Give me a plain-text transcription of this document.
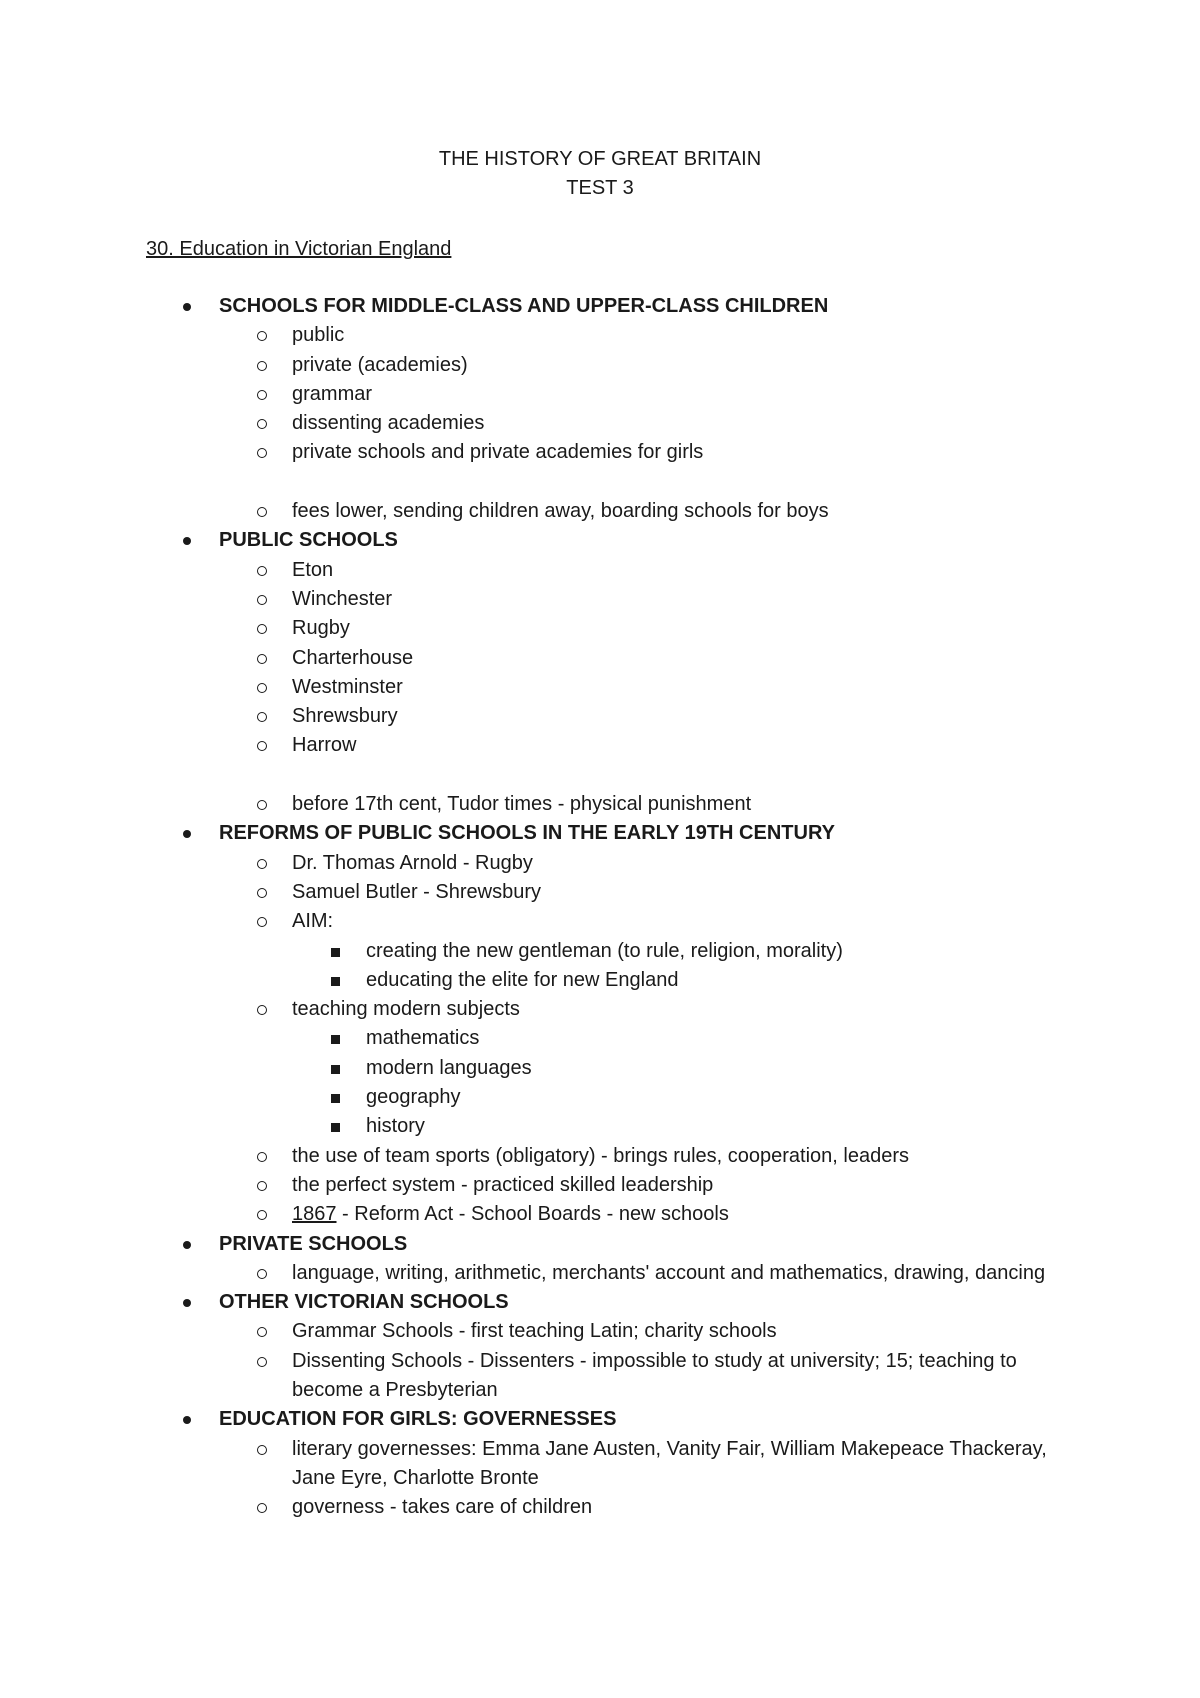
THE HISTORY OF GREAT BRITAIN
TEST 3
30. Education in Victorian England
SCHOOLS FOR MIDDLE-CLASS AND UPPER-CLASS CHILDREN
public
private (academies)
grammar
dissenting academies
private schools and private academies for girls
fees lower, sending children away, boarding schools for boys
PUBLIC SCHOOLS
Eton
Winchester
Rugby
Charterhouse
Westminster
Shrewsbury
Harrow
before 17th cent, Tudor times - physical punishment
REFORMS OF PUBLIC SCHOOLS IN THE EARLY 19TH CENTURY
Dr. Thomas Arnold - Rugby
Samuel Butler - Shrewsbury
AIM:
creating the new gentleman (to rule, religion, morality)
educating the elite for new England
teaching modern subjects
mathematics
modern languages
geography
history
the use of team sports (obligatory) - brings rules, cooperation, leaders
the perfect system - practiced skilled leadership
1867 - Reform Act - School Boards - new schools
PRIVATE SCHOOLS
language, writing, arithmetic, merchants' account and mathematics, drawing, dancing
OTHER VICTORIAN SCHOOLS
Grammar Schools - first teaching Latin; charity schools
Dissenting Schools - Dissenters - impossible to study at university; 15; teaching to become a Presbyterian
EDUCATION FOR GIRLS: GOVERNESSES
literary governesses: Emma Jane Austen, Vanity Fair, William Makepeace Thackeray, Jane Eyre, Charlotte Bronte
governess - takes care of children
